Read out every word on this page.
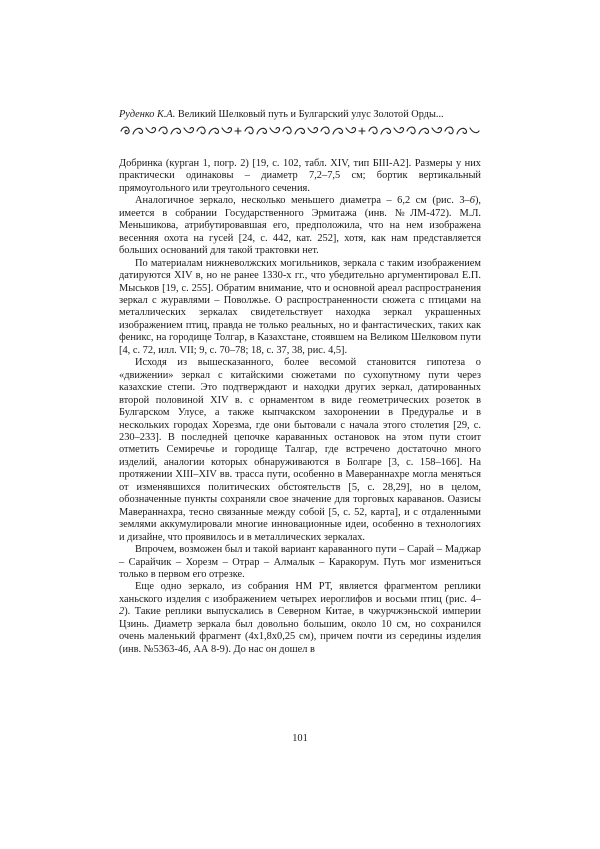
Руденко К.А. Великий Шелковый путь и Булгарский улус Золотой Орды...

Добринка (курган 1, погр. 2) [19, с. 102, табл. XIV, тип БIII-А2]. Размеры у них практически одинаковы – диаметр 7,2–7,5 см; бортик вертикальный прямоугольного или треугольного сечения.

Аналогичное зеркало, несколько меньшего диаметра – 6,2 см (рис. 3–6), имеется в собрании Государственного Эрмитажа (инв. №ЛМ-472). М.Л. Меньшикова, атрибутировавшая его, предположила, что на нем изображена весенняя охота на гусей [24, с. 442, кат. 252], хотя, как нам представляется больших оснований для такой трактовки нет.

По материалам нижневолжских могильников, зеркала с таким изображением датируются XIV в, но не ранее 1330-х гг., что убедительно аргументировал Е.П. Мыськов [19, с. 255]. Обратим внимание, что и основной ареал распространения зеркал с журавлями – Поволжье. О распространенности сюжета с птицами на металлических зеркалах свидетельствует находка зеркал украшенных изображением птиц, правда не только реальных, но и фантастических, таких как феникс, на городище Толгар, в Казахстане, стоявшем на Великом Шелковом пути [4, с. 72, илл. VII; 9, с. 70–78; 18, с. 37, 38, рис. 4,5].

Исходя из вышесказанного, более весомой становится гипотеза о «движении» зеркал с китайскими сюжетами по сухопутному пути через казахские степи. Это подтверждают и находки других зеркал, датированных второй половиной XIV в. с орнаментом в виде геометрических розеток в Булгарском Улусе, а также кыпчакском захоронении в Предуралье и в нескольких городах Хорезма, где они бытовали с начала этого столетия [29, с. 230–233]. В последней цепочке караванных остановок на этом пути стоит отметить Семиречье и городище Талгар, где встречено достаточно много изделий, аналогии которых обнаруживаются в Болгаре [3, с. 158–166]. На протяжении XIII–XIV вв. трасса пути, особенно в Мавераннахре могла меняться от изменявшихся политических обстоятельств [5, с. 28,29], но в целом, обозначенные пункты сохраняли свое значение для торговых караванов. Оазисы Мавераннахра, тесно связанные между собой [5, с. 52, карта], и с отдаленными землями аккумулировали многие инновационные идеи, особенно в технологиях и дизайне, что проявилось и в металлических зеркалах.

Впрочем, возможен был и такой вариант караванного пути – Сарай – Маджар – Сарайчик – Хорезм – Отрар – Алмалык – Каракорум. Путь мог измениться только в первом его отрезке.

Еще одно зеркало, из собрания НМ РТ, является фрагментом реплики ханьского изделия с изображением четырех иероглифов и восьми птиц (рис. 4–2). Такие реплики выпускались в Северном Китае, в чжурчжэньской империи Цзинь. Диаметр зеркала был довольно большим, около 10 см, но сохранился очень маленький фрагмент (4х1,8х0,25 см), причем почти из середины изделия (инв. №5363-46, АА 8-9). До нас он дошел в

101
